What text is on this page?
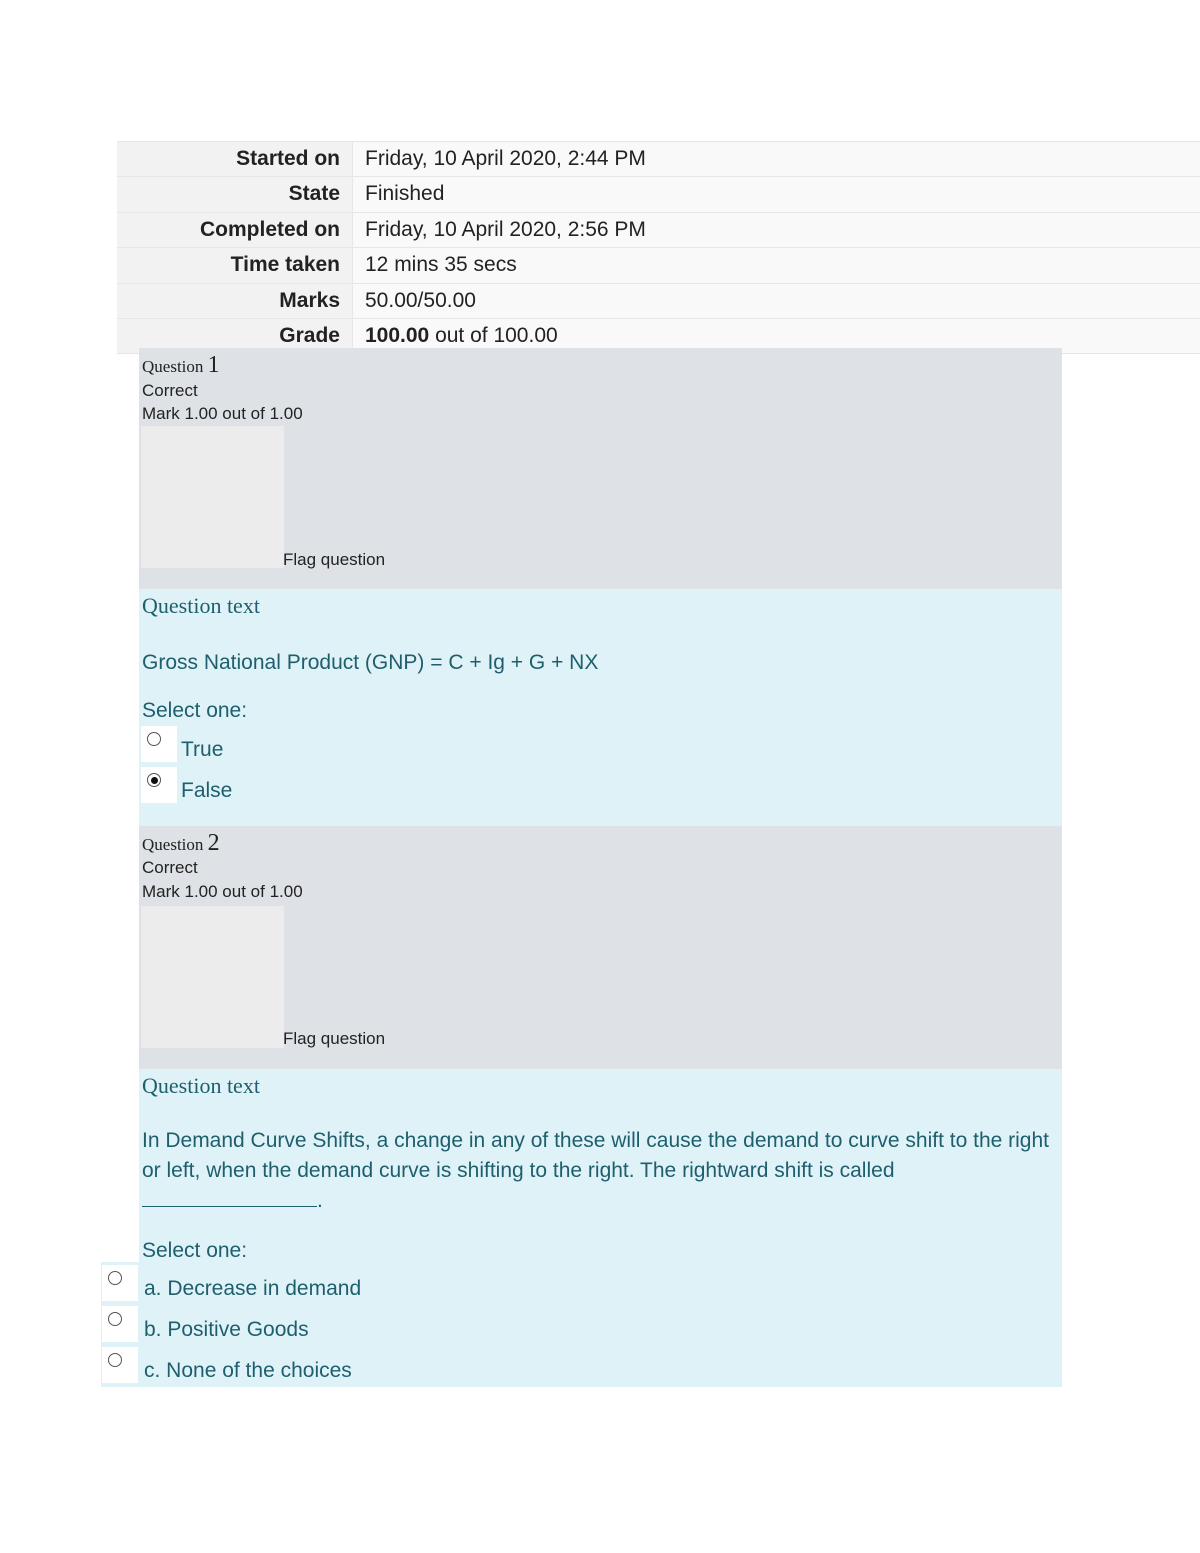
Started on	Friday, 10 April 2020, 2:44 PM
State	Finished
Completed on	Friday, 10 April 2020, 2:56 PM
Time taken	12 mins 35 secs
Marks	50.00/50.00
Grade	100.00 out of 100.00
Question 1
Correct
Mark 1.00 out of 1.00
Flag question
Question text
Gross National Product (GNP) = C + Ig + G + NX
Select one:
True
False
Question 2
Correct
Mark 1.00 out of 1.00
Flag question
Question text
In Demand Curve Shifts, a change in any of these will cause the demand to curve shift to the right or left, when the demand curve is shifting to the right. The rightward shift is called
.
Select one:
a. Decrease in demand
b. Positive Goods
c. None of the choices
